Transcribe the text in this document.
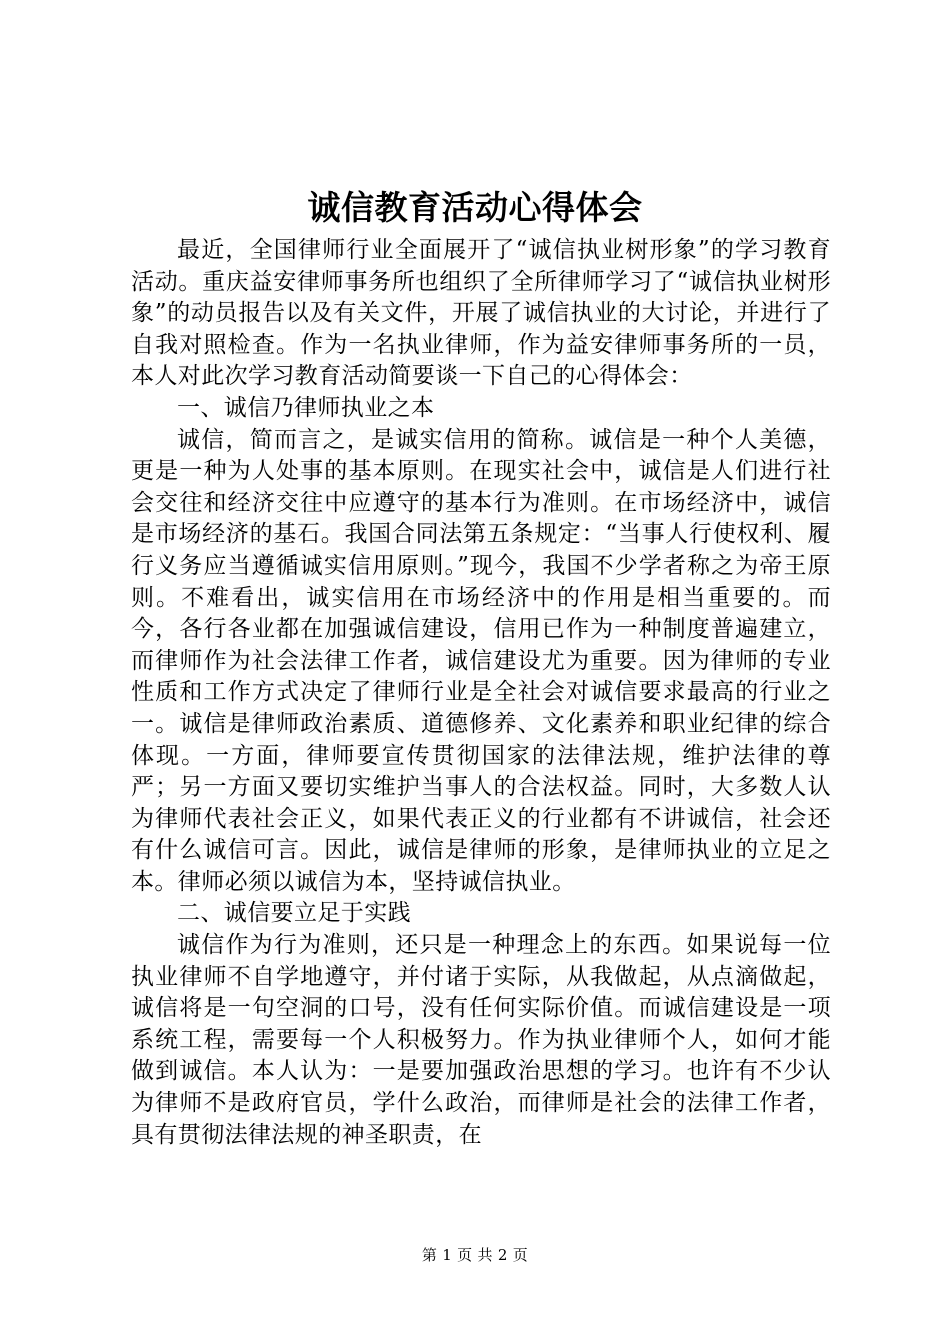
诚信教育活动心得体会

最近，全国律师行业全面展开了“诚信执业树形象”的学习教育活动。重庆益安律师事务所也组织了全所律师学习了“诚信执业树形象”的动员报告以及有关文件，开展了诚信执业的大讨论，并进行了自我对照检查。作为一名执业律师，作为益安律师事务所的一员，本人对此次学习教育活动简要谈一下自己的心得体会：

一、诚信乃律师执业之本

诚信，简而言之，是诚实信用的简称。诚信是一种个人美德，更是一种为人处事的基本原则。在现实社会中，诚信是人们进行社会交往和经济交往中应遵守的基本行为准则。在市场经济中，诚信是市场经济的基石。我国合同法第五条规定：“当事人行使权利、履行义务应当遵循诚实信用原则。”现今，我国不少学者称之为帝王原则。不难看出，诚实信用在市场经济中的作用是相当重要的。而今，各行各业都在加强诚信建设，信用已作为一种制度普遍建立，而律师作为社会法律工作者，诚信建设尤为重要。因为律师的专业性质和工作方式决定了律师行业是全社会对诚信要求最高的行业之一。诚信是律师政治素质、道德修养、文化素养和职业纪律的综合体现。一方面，律师要宣传贯彻国家的法律法规，维护法律的尊严；另一方面又要切实维护当事人的合法权益。同时，大多数人认为律师代表社会正义，如果代表正义的行业都有不讲诚信，社会还有什么诚信可言。因此，诚信是律师的形象，是律师执业的立足之本。律师必须以诚信为本，坚持诚信执业。

二、诚信要立足于实践

诚信作为行为准则，还只是一种理念上的东西。如果说每一位执业律师不自学地遵守，并付诸于实际，从我做起，从点滴做起，诚信将是一句空洞的口号，没有任何实际价值。而诚信建设是一项系统工程，需要每一个人积极努力。作为执业律师个人，如何才能做到诚信。本人认为：一是要加强政治思想的学习。也许有不少认为律师不是政府官员，学什么政治，而律师是社会的法律工作者，具有贯彻法律法规的神圣职责，在

第 1 页 共 2 页
